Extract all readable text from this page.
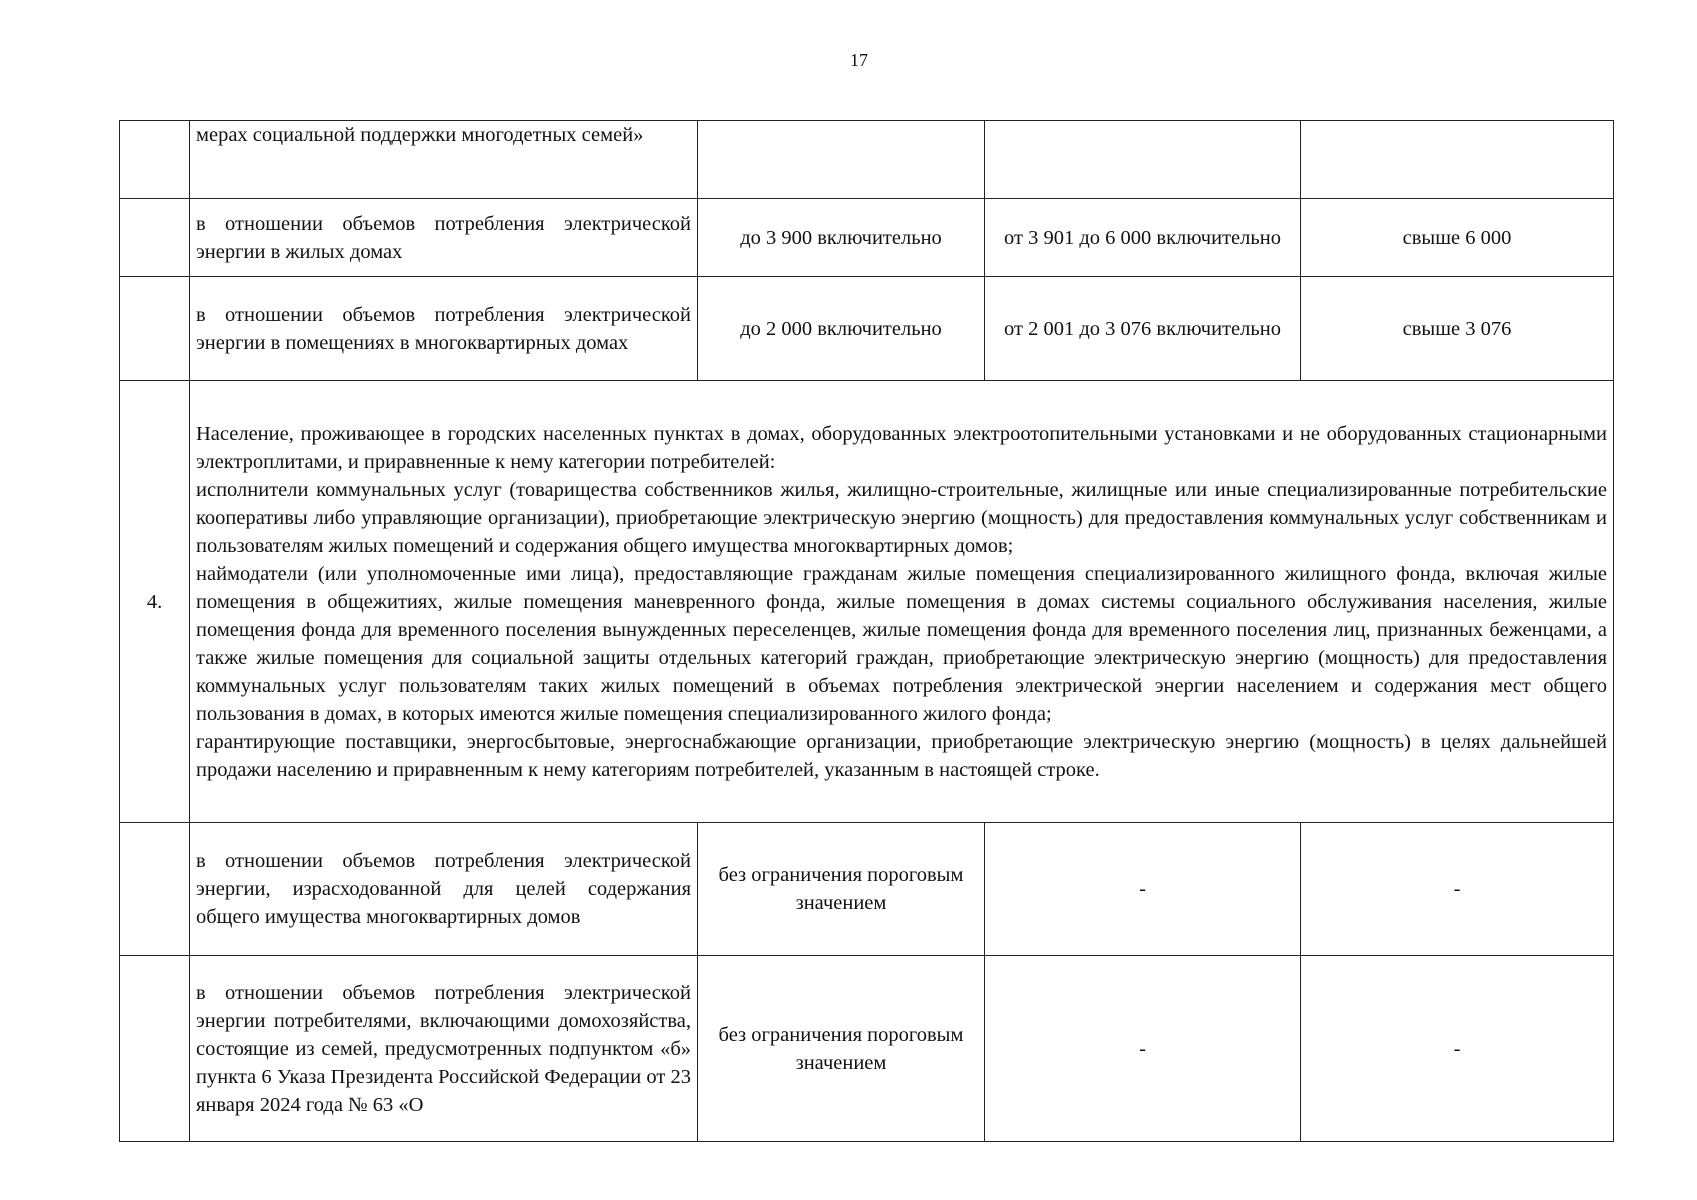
17
	мерах социальной поддержки многодетных семей»			
	в отношении объемов потребления электрической энергии в жилых домах	до 3 900 включительно	от 3 901 до 6 000 включительно	свыше 6 000
	в отношении объемов потребления электрической энергии в помещениях в многоквартирных домах	до 2 000 включительно	от 2 001 до 3 076 включительно	свыше 3 076
4.	Население, проживающее в городских населенных пунктах в домах, оборудованных электроотопительными установками и не оборудованных стационарными электроплитами, и приравненные к нему категории потребителей:

исполнители коммунальных услуг (товарищества собственников жилья, жилищно-строительные, жилищные или иные специализированные потребительские кооперативы либо управляющие организации), приобретающие электрическую энергию (мощность) для предоставления коммунальных услуг собственникам и пользователям жилых помещений и содержания общего имущества многоквартирных домов;

наймодатели (или уполномоченные ими лица), предоставляющие гражданам жилые помещения специализированного жилищного фонда, включая жилые помещения в общежитиях, жилые помещения маневренного фонда, жилые помещения в домах системы социального обслуживания населения, жилые помещения фонда для временного поселения вынужденных переселенцев, жилые помещения фонда для временного поселения лиц, признанных беженцами, а также жилые помещения для социальной защиты отдельных категорий граждан, приобретающие электрическую энергию (мощность) для предоставления коммунальных услуг пользователям таких жилых помещений в объемах потребления электрической энергии населением и содержания мест общего пользования в домах, в которых имеются жилые помещения специализированного жилого фонда;

гарантирующие поставщики, энергосбытовые, энергоснабжающие организации, приобретающие электрическую энергию (мощность) в целях дальнейшей продажи населению и приравненным к нему категориям потребителей, указанным в настоящей строке.			

	в отношении объемов потребления электрической энергии, израсходованной для целей содержания общего имущества многоквартирных домов	без ограничения пороговым значением	-	-
	в отношении объемов потребления электрической энергии потребителями, включающими домохозяйства, состоящие из семей, предусмотренных подпунктом «б» пункта 6 Указа Президента Российской Федерации от 23 января 2024 года № 63 «О	без ограничения пороговым значением	-	-
